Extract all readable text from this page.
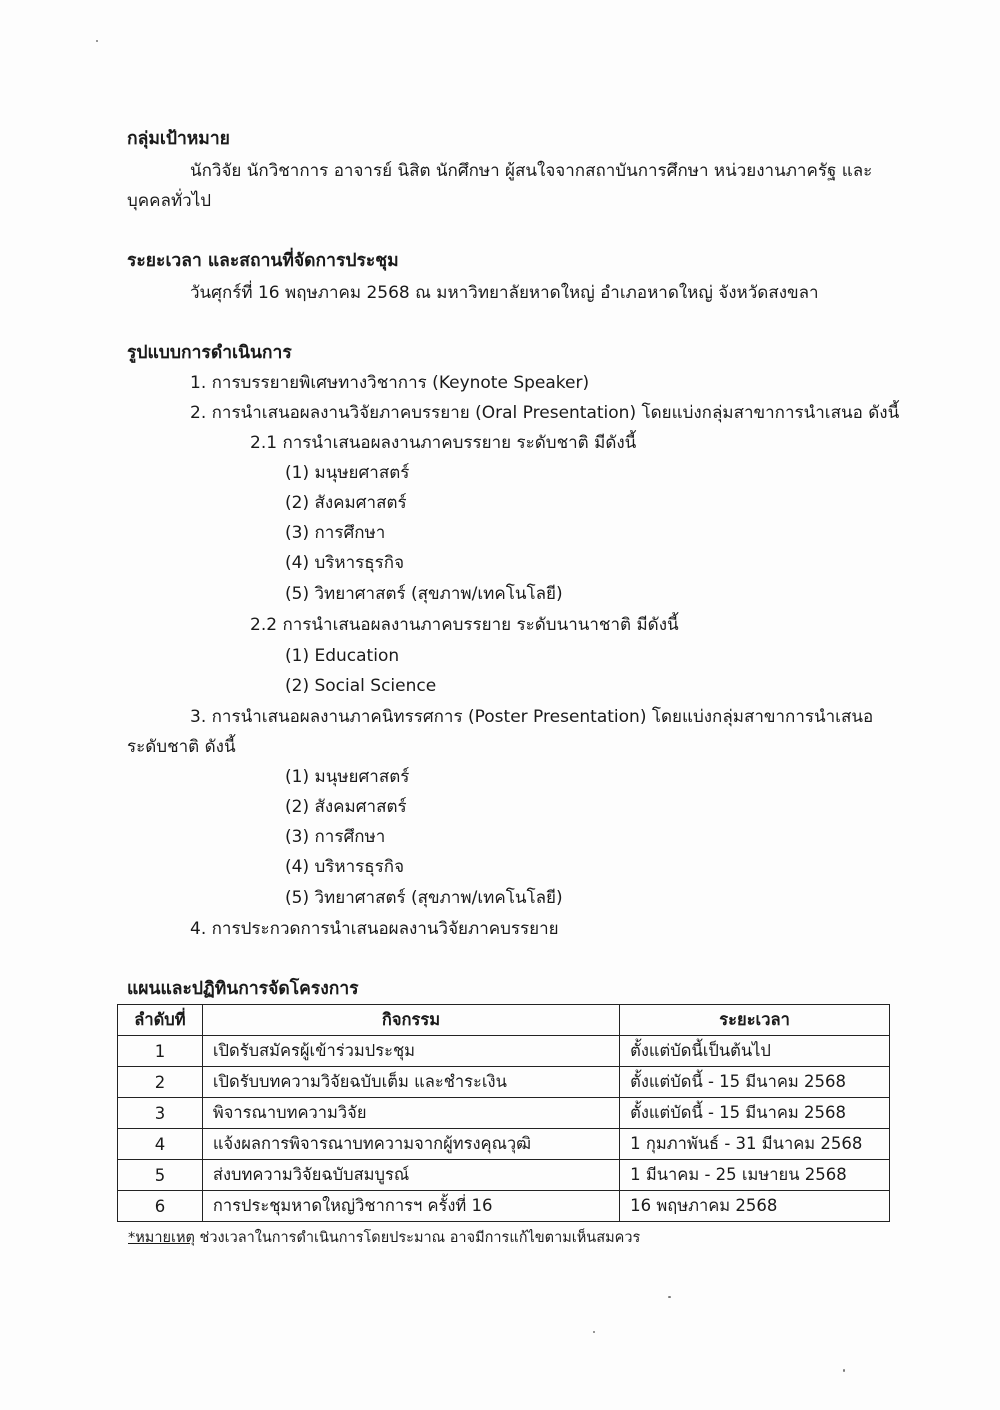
กลุ่มเป้าหมาย
นักวิจัย นักวิชาการ อาจารย์ นิสิต นักศึกษา ผู้สนใจจากสถาบันการศึกษา หน่วยงานภาครัฐ และ
บุคคลทั่วไป
ระยะเวลา และสถานที่จัดการประชุม
วันศุกร์ที่ 16 พฤษภาคม 2568 ณ มหาวิทยาลัยหาดใหญ่ อำเภอหาดใหญ่ จังหวัดสงขลา
รูปแบบการดำเนินการ
1. การบรรยายพิเศษทางวิชาการ (Keynote Speaker)
2. การนำเสนอผลงานวิจัยภาคบรรยาย (Oral Presentation) โดยแบ่งกลุ่มสาขาการนำเสนอ ดังนี้
2.1 การนำเสนอผลงานภาคบรรยาย ระดับชาติ มีดังนี้
(1) มนุษยศาสตร์
(2) สังคมศาสตร์
(3) การศึกษา
(4) บริหารธุรกิจ
(5) วิทยาศาสตร์ (สุขภาพ/เทคโนโลยี)
2.2 การนำเสนอผลงานภาคบรรยาย ระดับนานาชาติ มีดังนี้
(1) Education
(2) Social Science
3. การนำเสนอผลงานภาคนิทรรศการ (Poster Presentation) โดยแบ่งกลุ่มสาขาการนำเสนอ
ระดับชาติ ดังนี้
(1) มนุษยศาสตร์
(2) สังคมศาสตร์
(3) การศึกษา
(4) บริหารธุรกิจ
(5) วิทยาศาสตร์ (สุขภาพ/เทคโนโลยี)
4. การประกวดการนำเสนอผลงานวิจัยภาคบรรยาย
แผนและปฏิทินการจัดโครงการ
ลำดับที่	กิจกรรม	ระยะเวลา
1	เปิดรับสมัครผู้เข้าร่วมประชุม	ตั้งแต่บัดนี้เป็นต้นไป
2	เปิดรับบทความวิจัยฉบับเต็ม และชำระเงิน	ตั้งแต่บัดนี้ - 15 มีนาคม 2568
3	พิจารณาบทความวิจัย	ตั้งแต่บัดนี้ - 15 มีนาคม 2568
4	แจ้งผลการพิจารณาบทความจากผู้ทรงคุณวุฒิ	1 กุมภาพันธ์ - 31 มีนาคม 2568
5	ส่งบทความวิจัยฉบับสมบูรณ์	1 มีนาคม - 25 เมษายน 2568
6	การประชุมหาดใหญ่วิชาการฯ ครั้งที่ 16	16 พฤษภาคม 2568
*หมายเหตุ ช่วงเวลาในการดำเนินการโดยประมาณ อาจมีการแก้ไขตามเห็นสมควร
